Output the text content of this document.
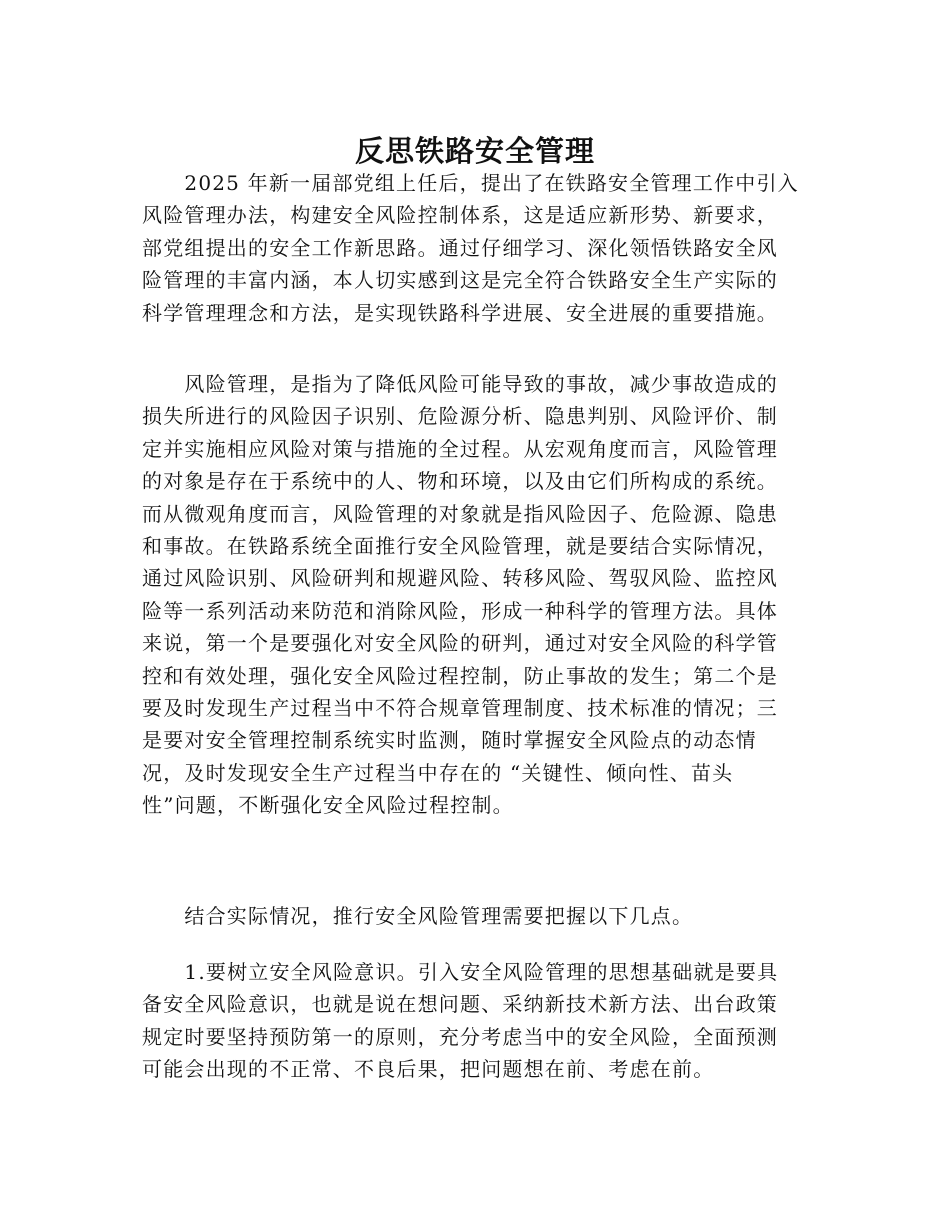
反思铁路安全管理
　　2025 年新一届部党组上任后，提出了在铁路安全管理工作中引入
风险管理办法，构建安全风险控制体系，这是适应新形势、新要求，
部党组提出的安全工作新思路。通过仔细学习、深化领悟铁路安全风
险管理的丰富内涵，本人切实感到这是完全符合铁路安全生产实际的
科学管理理念和方法，是实现铁路科学进展、安全进展的重要措施。
　　风险管理，是指为了降低风险可能导致的事故，减少事故造成的
损失所进行的风险因子识别、危险源分析、隐患判别、风险评价、制
定并实施相应风险对策与措施的全过程。从宏观角度而言，风险管理
的对象是存在于系统中的人、物和环境，以及由它们所构成的系统。
而从微观角度而言，风险管理的对象就是指风险因子、危险源、隐患
和事故。在铁路系统全面推行安全风险管理，就是要结合实际情况，
通过风险识别、风险研判和规避风险、转移风险、驾驭风险、监控风
险等一系列活动来防范和消除风险，形成一种科学的管理方法。具体
来说，第一个是要强化对安全风险的研判，通过对安全风险的科学管
控和有效处理，强化安全风险过程控制，防止事故的发生；第二个是
要及时发现生产过程当中不符合规章管理制度、技术标准的情况；三
是要对安全管理控制系统实时监测，随时掌握安全风险点的动态情
况，及时发现安全生产过程当中存在的 “关键性、倾向性、苗头
性”问题，不断强化安全风险过程控制。
　　结合实际情况，推行安全风险管理需要把握以下几点。
　　1.要树立安全风险意识。引入安全风险管理的思想基础就是要具
备安全风险意识，也就是说在想问题、采纳新技术新方法、出台政策
规定时要坚持预防第一的原则，充分考虑当中的安全风险，全面预测
可能会出现的不正常、不良后果，把问题想在前、考虑在前。
